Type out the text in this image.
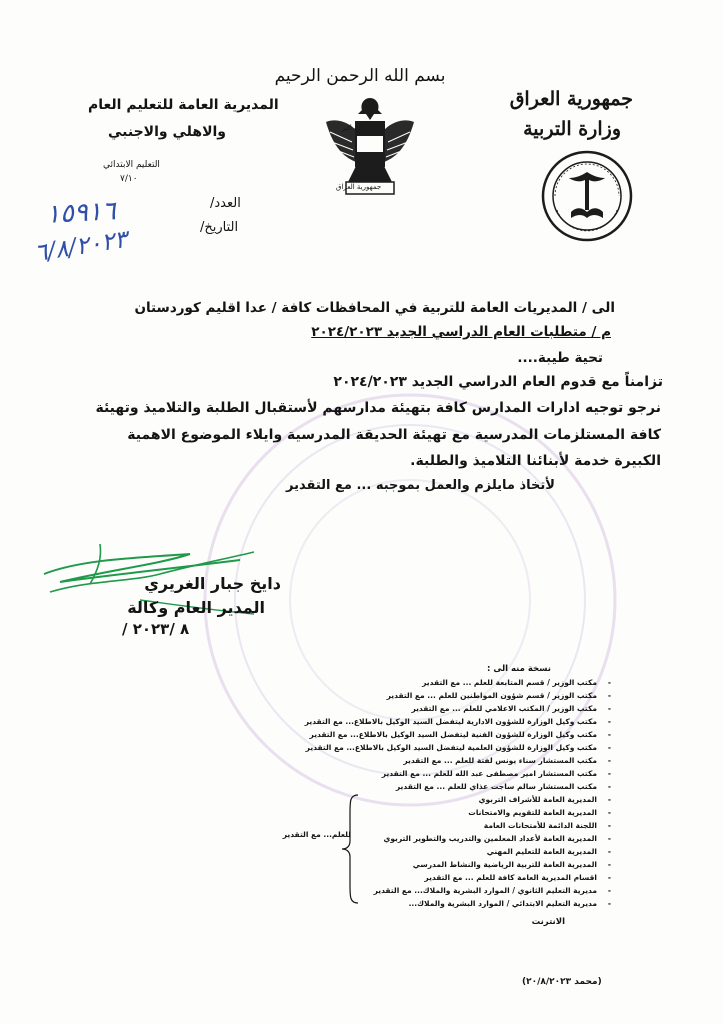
بسم الله الرحمن الرحيم
جمهورية العراق
وزارة التربية
المديرية العامة للتعليم العام
والاهلي والاجنبي
التعليم الابتدائي
٧/١٠
العدد/
التاريخ/
١٥٩١٦
٦/٨/٢٠٢٣
الله أكبر
جمهورية العراق
الى / المديريات العامة للتربية في المحافظات كافة / عدا اقليم كوردستان
م / متطلبات العام الدراسي الجديد ٢٠٢٤/٢٠٢٣
تحية طيبة....
تزامناً مع قدوم العام الدراسي الجديد ٢٠٢٤/٢٠٢٣
نرجو توجيه ادارات المدارس كافة بتهيئة مدارسهم لأستقبال الطلبة والتلاميذ وتهيئة
كافة المستلزمات المدرسية مع تهيئة الحديقة المدرسية وايلاء الموضوع الاهمية
الكبيرة خدمة لأبنائنا التلاميذ والطلبة.
لأتخاذ مايلزم والعمل بموجبه ... مع التقدير
دايخ جبار الغريري
المدير العام وكالة
/ ٨ /٢٠٢٣
نسخة منه الى :
-
مكتب الوزير / قسم المتابعة للعلم ... مع التقدير
-
مكتب الوزير / قسم شؤون المواطنين للعلم ... مع التقدير
-
مكتب الوزير / المكتب الاعلامي للعلم ... مع التقدير
-
مكتب وكيل الوزارة للشؤون الادارية ليتفضل السيد الوكيل بالاطلاع... مع التقدير
-
مكتب وكيل الوزارة للشؤون الفنية ليتفضل السيد الوكيل بالاطلاع... مع التقدير
-
مكتب وكيل الوزارة للشؤون العلمية ليتفضل السيد الوكيل بالاطلاع... مع التقدير
-
مكتب المستشار سناء يونس لفتة للعلم ... مع التقدير
-
مكتب المستشار امير مصطفى عبد الله للعلم ... مع التقدير
-
مكتب المستشار سالم ساجت عذاي للعلم ... مع التقدير
-
المديرية العامة للأشراف التربوي
-
المديرية العامة للتقويم والامتحانات
-
اللجنة الدائمة للأمتحانات العامة
-
المديرية العامة لأعداد المعلمين والتدريب والتطوير التربوي
-
المديرية العامة للتعليم المهني
-
المديرية العامة للتربية الرياضية والنشاط المدرسي
-
اقسام المديرية العامة كافة للعلم ... مع التقدير
-
مديرية التعليم الثانوي / الموارد البشرية والملاك... مع التقدير
-
مديرية التعليم الابتدائي / الموارد البشرية والملاك...
للعلم... مع التقدير
الانترنت
(محمد ٢٠/٨/٢٠٢٣)
